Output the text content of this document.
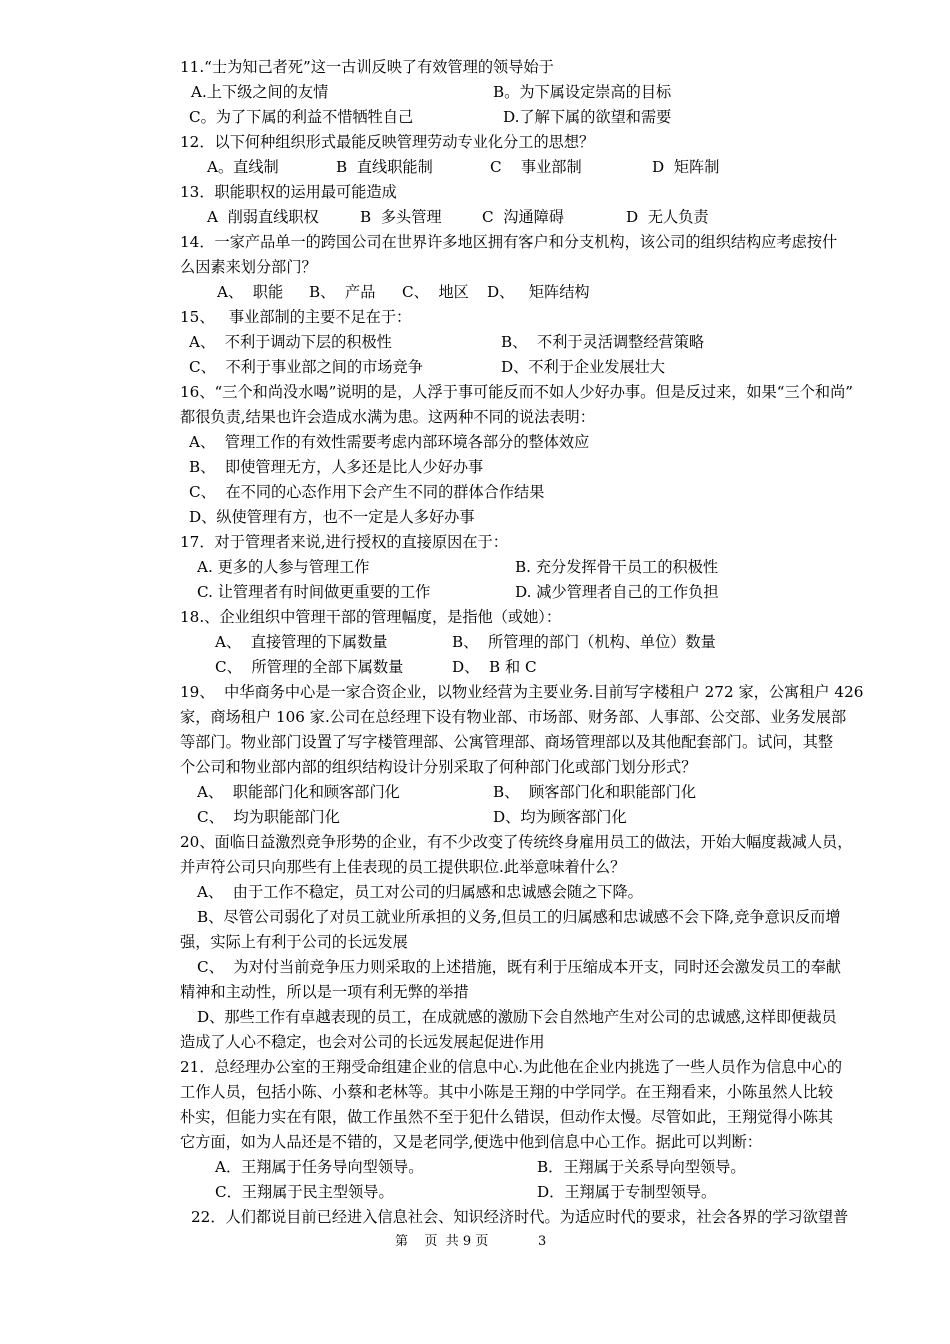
11.“士为知己者死”这一古训反映了有效管理的领导始于
A.上下级之间的友情	B。为下属设定崇高的目标
C。为了下属的利益不惜牺牲自己	D.了解下属的欲望和需要
12．以下何种组织形式最能反映管理劳动专业化分工的思想？
A。直线制	B  直线职能制	C    事业部制	D  矩阵制
13．职能职权的运用最可能造成
A  削弱直线职权	B  多头管理	C  沟通障碍	D  无人负责
14．一家产品单一的跨国公司在世界许多地区拥有客户和分支机构，该公司的组织结构应考虑按什
么因素来划分部门？
A、  职能 B、  产品 C、  地区 D、   矩阵结构
15、   事业部制的主要不足在于：
A、  不利于调动下层的积极性	B、  不利于灵活调整经营策略
C、  不利于事业部之间的市场竞争	D、不利于企业发展壮大
16、“三个和尚没水喝”说明的是，人浮于事可能反而不如人少好办事。但是反过来，如果“三个和尚”
都很负责,结果也许会造成水满为患。这两种不同的说法表明：
A、  管理工作的有效性需要考虑内部环境各部分的整体效应
B、  即使管理无方，人多还是比人少好办事
C、  在不同的心态作用下会产生不同的群体合作结果
D、纵使管理有方，也不一定是人多好办事
17．对于管理者来说,进行授权的直接原因在于：
A. 更多的人参与管理工作	B. 充分发挥骨干员工的积极性
C. 让管理者有时间做更重要的工作	D. 减少管理者自己的工作负担
18.、企业组织中管理干部的管理幅度，是指他（或她）：
A、  直接管理的下属数量	B、  所管理的部门（机构、单位）数量
C、  所管理的全部下属数量	D、  B 和 C
19、  中华商务中心是一家合资企业，以物业经营为主要业务.目前写字楼租户 272 家，公寓租户 426
家，商场租户 106 家.公司在总经理下设有物业部、市场部、财务部、人事部、公交部、业务发展部
等部门。物业部门设置了写字楼管理部、公寓管理部、商场管理部以及其他配套部门。试问，其整
个公司和物业部内部的组织结构设计分别采取了何种部门化或部门划分形式？
A、  职能部门化和顾客部门化	B、  顾客部门化和职能部门化
C、  均为职能部门化	D、均为顾客部门化
20、面临日益激烈竞争形势的企业，有不少改变了传统终身雇用员工的做法，开始大幅度裁减人员，
并声符公司只向那些有上佳表现的员工提供职位.此举意味着什么？
A、  由于工作不稳定，员工对公司的归属感和忠诚感会随之下降。
B、尽管公司弱化了对员工就业所承担的义务,但员工的归属感和忠诚感不会下降,竞争意识反而增
强，实际上有利于公司的长远发展
C、  为对付当前竞争压力则采取的上述措施，既有利于压缩成本开支，同时还会激发员工的奉献
精神和主动性，所以是一项有利无弊的举措
D、那些工作有卓越表现的员工，在成就感的激励下会自然地产生对公司的忠诚感,这样即便裁员
造成了人心不稳定，也会对公司的长远发展起促进作用
21．总经理办公室的王翔受命组建企业的信息中心.为此他在企业内挑选了一些人员作为信息中心的
工作人员，包括小陈、小蔡和老林等。其中小陈是王翔的中学同学。在王翔看来，小陈虽然人比较
朴实，但能力实在有限，做工作虽然不至于犯什么错误，但动作太慢。尽管如此，王翔觉得小陈其
它方面，如为人品还是不错的，又是老同学,便选中他到信息中心工作。据此可以判断：
A．王翔属于任务导向型领导。	B．王翔属于关系导向型领导。
C．王翔属于民主型领导。	D．王翔属于专制型领导。
22．人们都说目前已经进入信息社会、知识经济时代。为适应时代的要求，社会各界的学习欲望普
第    页  共 9 页	3
